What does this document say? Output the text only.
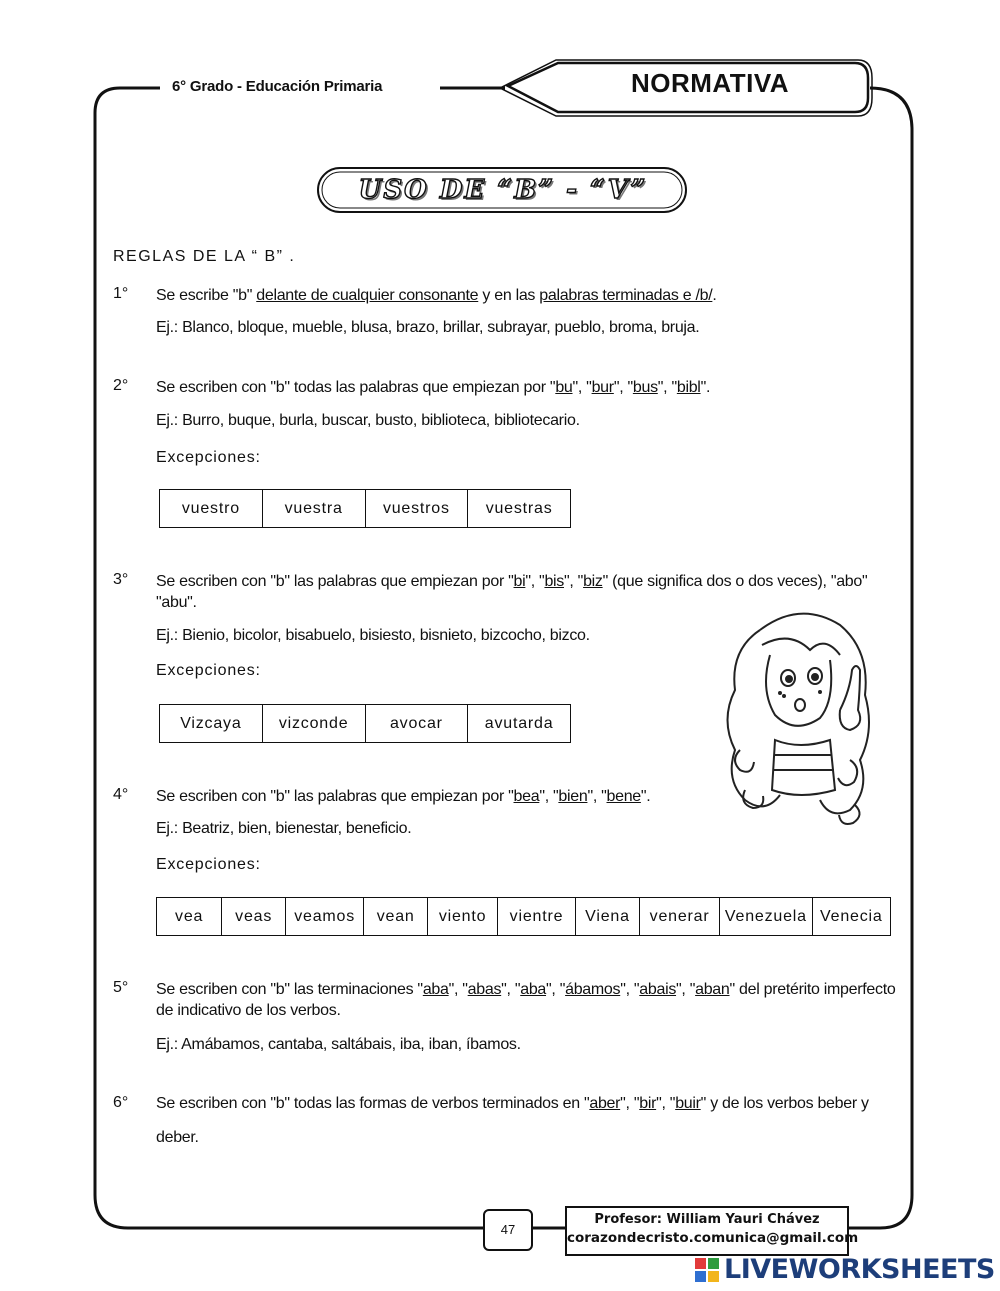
6° Grado - Educación Primaria	NORMATIVA
USO DE “B” - “V”
REGLAS DE LA “ B” .
1° Se escribe "b" delante de cualquier consonante y en las palabras terminadas e /b/.
Ej.: Blanco, bloque, mueble, blusa, brazo, brillar, subrayar, pueblo, broma, bruja.
2° Se escriben con "b" todas las palabras que empiezan por "bu", "bur", "bus", "bibl".
Ej.: Burro, buque, burla, buscar, busto, biblioteca, bibliotecario.
Excepciones:
vuestro	vuestra	vuestros	vuestras
3° Se escriben con "b" las palabras que empiezan por "bi", "bis", "biz" (que significa dos o dos veces), "abo" "abu".
Ej.: Bienio, bicolor, bisabuelo, bisiesto, bisnieto, bizcocho, bizco.
Excepciones:
Vizcaya	vizconde	avocar	avutarda
4° Se escriben con "b" las palabras que empiezan por "bea", "bien", "bene".
Ej.: Beatriz, bien, bienestar, beneficio.
Excepciones:
vea	veas	veamos	vean	viento	vientre	Viena	venerar	Venezuela	Venecia
5° Se escriben con "b" las terminaciones "aba", "abas", "aba", "ábamos", "abais", "aban" del pretérito imperfecto de indicativo de los verbos.
Ej.: Amábamos, cantaba, saltábais, iba, iban, íbamos.
6° Se escriben con "b" todas las formas de verbos terminados en "aber", "bir", "buir" y de los verbos beber y deber.
47
Profesor: William Yauri Chávez
corazondecristo.comunica@gmail.com
LIVEWORKSHEETS
